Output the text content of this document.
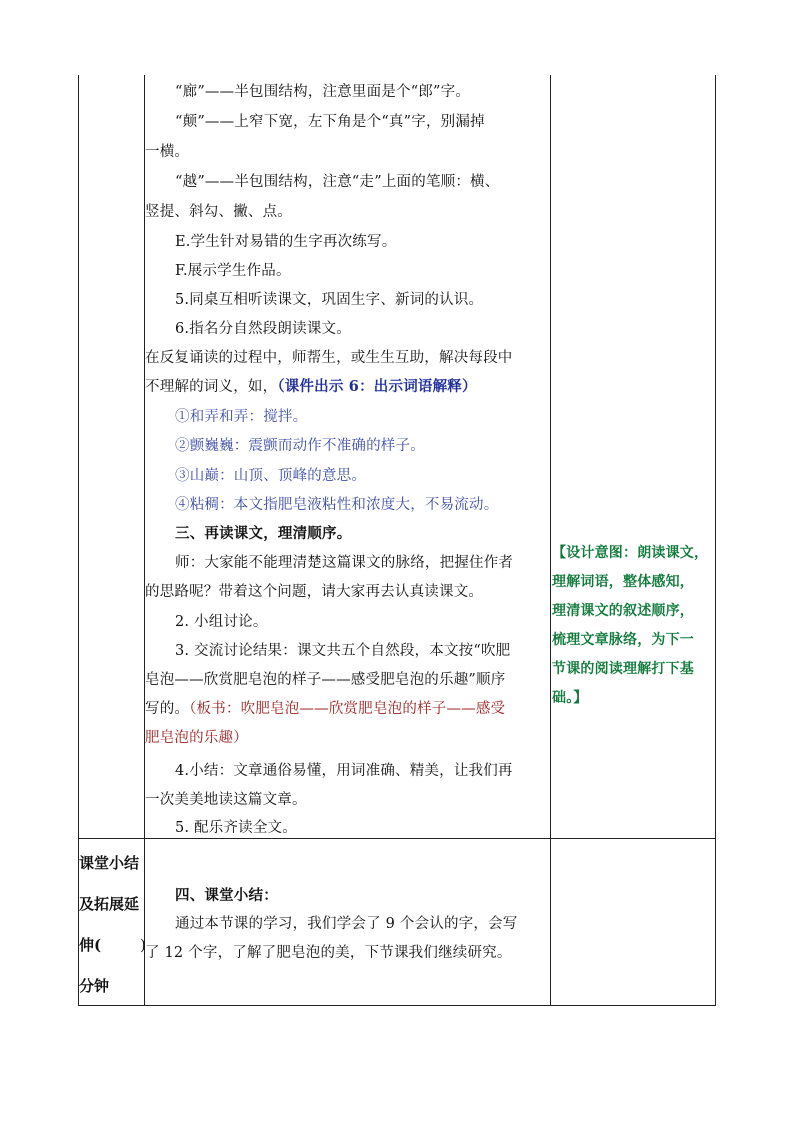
“廊”——半包围结构，注意里面是个“郎”字。
“颠”——上窄下宽，左下角是个“真”字，别漏掉
一横。
“越”——半包围结构，注意“走”上面的笔顺：横、
竖提、斜勾、撇、点。
E.学生针对易错的生字再次练写。
F.展示学生作品。
5.同桌互相听读课文，巩固生字、新词的认识。
6.指名分自然段朗读课文。
在反复诵读的过程中，师帮生，或生生互助，解决每段中
不理解的词义，如，（课件出示 6：出示词语解释）
①和弄和弄：搅拌。
②颤巍巍：震颤而动作不准确的样子。
③山巅：山顶、顶峰的意思。
④粘稠：本文指肥皂液粘性和浓度大，不易流动。
三、再读课文，理清顺序。
师：大家能不能理清楚这篇课文的脉络，把握住作者
的思路呢？带着这个问题，请大家再去认真读课文。
2. 小组讨论。
3. 交流讨论结果：课文共五个自然段，本文按“吹肥
皂泡——欣赏肥皂泡的样子——感受肥皂泡的乐趣”顺序
写的。（板书：吹肥皂泡——欣赏肥皂泡的样子——感受
肥皂泡的乐趣）
4.小结：文章通俗易懂，用词准确、精美，让我们再
一次美美地读这篇文章。
5. 配乐齐读全文。
【设计意图：朗读课文，
理解词语，整体感知，
理清课文的叙述顺序，
梳理文章脉络，为下一
节课的阅读理解打下基
础。】
课堂小结
及拓展延
伸(	)
分钟
四、课堂小结：
通过本节课的学习，我们学会了 9 个会认的字，会写
了 12 个字，了解了肥皂泡的美，下节课我们继续研究。
